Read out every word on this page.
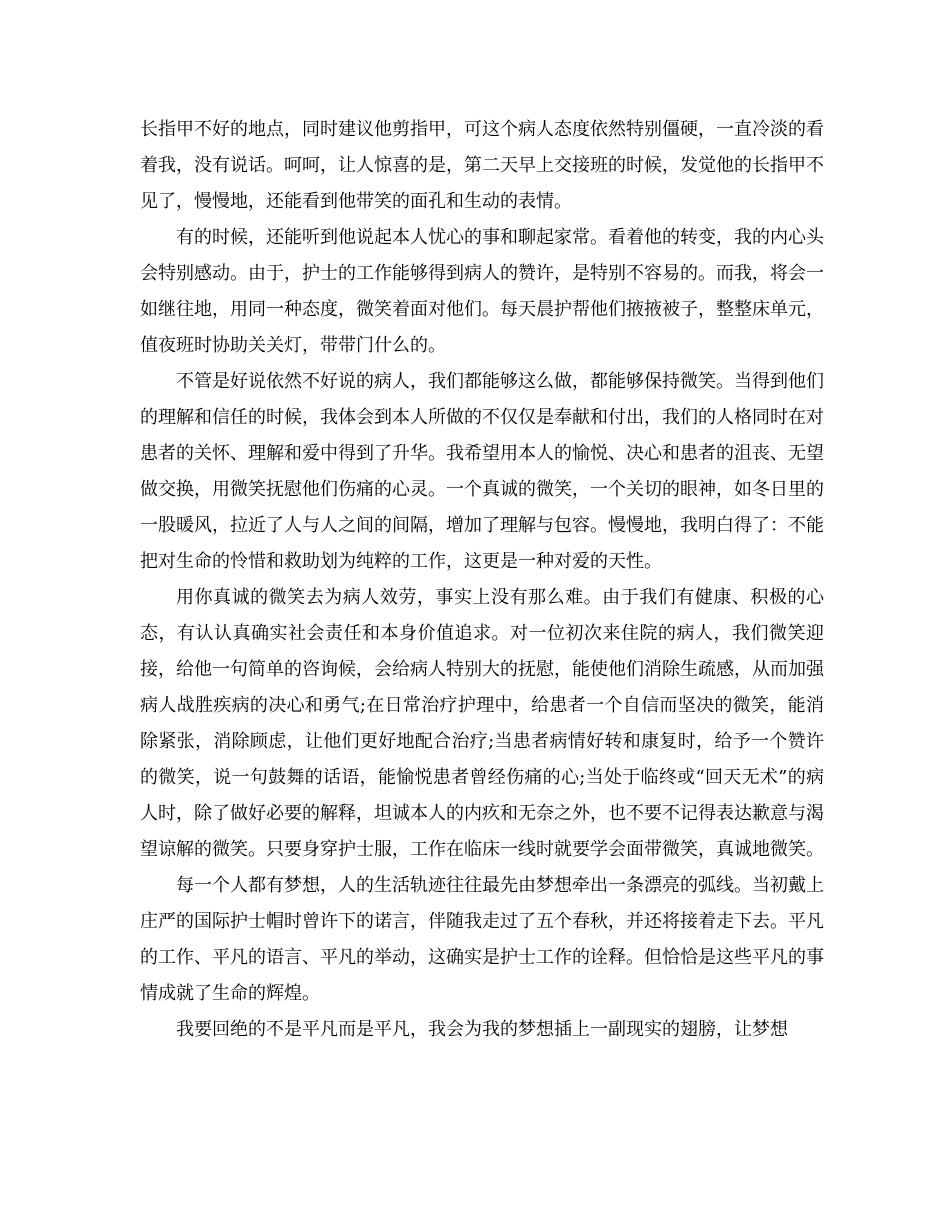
长指甲不好的地点，同时建议他剪指甲，可这个病人态度依然特别僵硬，一直冷淡的看着我，没有说话。呵呵，让人惊喜的是，第二天早上交接班的时候，发觉他的长指甲不见了，慢慢地，还能看到他带笑的面孔和生动的表情。

有的时候，还能听到他说起本人忧心的事和聊起家常。看着他的转变，我的内心头会特别感动。由于，护士的工作能够得到病人的赞许，是特别不容易的。而我，将会一如继往地，用同一种态度，微笑着面对他们。每天晨护帮他们掖掖被子，整整床单元，值夜班时协助关关灯，带带门什么的。

不管是好说依然不好说的病人，我们都能够这么做，都能够保持微笑。当得到他们的理解和信任的时候，我体会到本人所做的不仅仅是奉献和付出，我们的人格同时在对患者的关怀、理解和爱中得到了升华。我希望用本人的愉悦、决心和患者的沮丧、无望做交换，用微笑抚慰他们伤痛的心灵。一个真诚的微笑，一个关切的眼神，如冬日里的一股暖风，拉近了人与人之间的间隔，增加了理解与包容。慢慢地，我明白得了：不能把对生命的怜惜和救助划为纯粹的工作，这更是一种对爱的天性。

用你真诚的微笑去为病人效劳，事实上没有那么难。由于我们有健康、积极的心态，有认认真确实社会责任和本身价值追求。对一位初次来住院的病人，我们微笑迎接，给他一句简单的咨询候，会给病人特别大的抚慰，能使他们消除生疏感，从而加强病人战胜疾病的决心和勇气;在日常治疗护理中，给患者一个自信而坚决的微笑，能消除紧张，消除顾虑，让他们更好地配合治疗;当患者病情好转和康复时，给予一个赞许的微笑，说一句鼓舞的话语，能愉悦患者曾经伤痛的心;当处于临终或“回天无术”的病人时，除了做好必要的解释，坦诚本人的内疚和无奈之外，也不要不记得表达歉意与渴望谅解的微笑。只要身穿护士服，工作在临床一线时就要学会面带微笑，真诚地微笑。

每一个人都有梦想，人的生活轨迹往往最先由梦想牵出一条漂亮的弧线。当初戴上庄严的国际护士帽时曾许下的诺言，伴随我走过了五个春秋，并还将接着走下去。平凡的工作、平凡的语言、平凡的举动，这确实是护士工作的诠释。但恰恰是这些平凡的事情成就了生命的辉煌。

我要回绝的不是平凡而是平凡，我会为我的梦想插上一副现实的翅膀，让梦想
